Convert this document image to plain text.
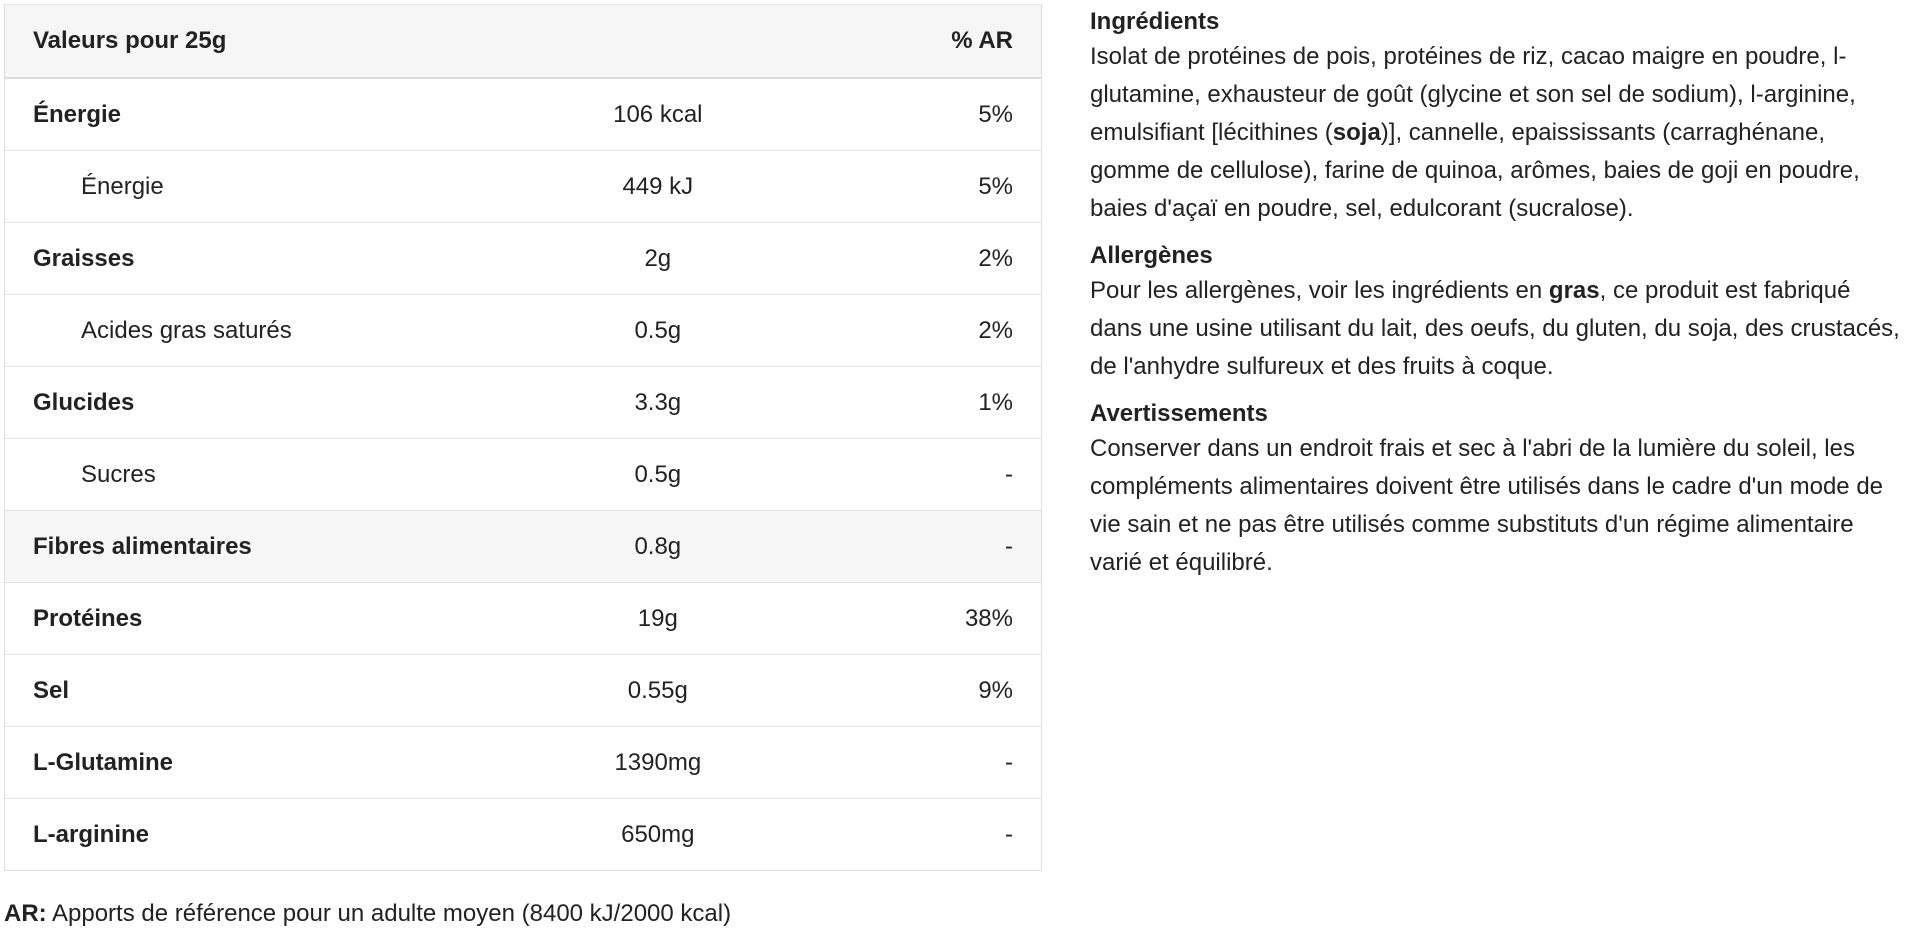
Valeurs pour 25g		% AR
Énergie	106 kcal	5%
Énergie	449 kJ	5%
Graisses	2g	2%
Acides gras saturés	0.5g	2%
Glucides	3.3g	1%
Sucres	0.5g	-
Fibres alimentaires	0.8g	-
Protéines	19g	38%
Sel	0.55g	9%
L-Glutamine	1390mg	-
L-arginine	650mg	-
AR: Apports de référence pour un adulte moyen (8400 kJ/2000 kcal)
Ingrédients

Isolat de protéines de pois, protéines de riz, cacao maigre en poudre, l-glutamine, exhausteur de goût (glycine et son sel de sodium), l-arginine, emulsifiant [lécithines (soja)], cannelle, epaississants (carraghénane, gomme de cellulose), farine de quinoa, arômes, baies de goji en poudre, baies d'açaï en poudre, sel, edulcorant (sucralose).

Allergènes

Pour les allergènes, voir les ingrédients en gras, ce produit est fabriqué dans une usine utilisant du lait, des oeufs, du gluten, du soja, des crustacés, de l'anhydre sulfureux et des fruits à coque.

Avertissements

Conserver dans un endroit frais et sec à l'abri de la lumière du soleil, les compléments alimentaires doivent être utilisés dans le cadre d'un mode de vie sain et ne pas être utilisés comme substituts d'un régime alimentaire varié et équilibré.
